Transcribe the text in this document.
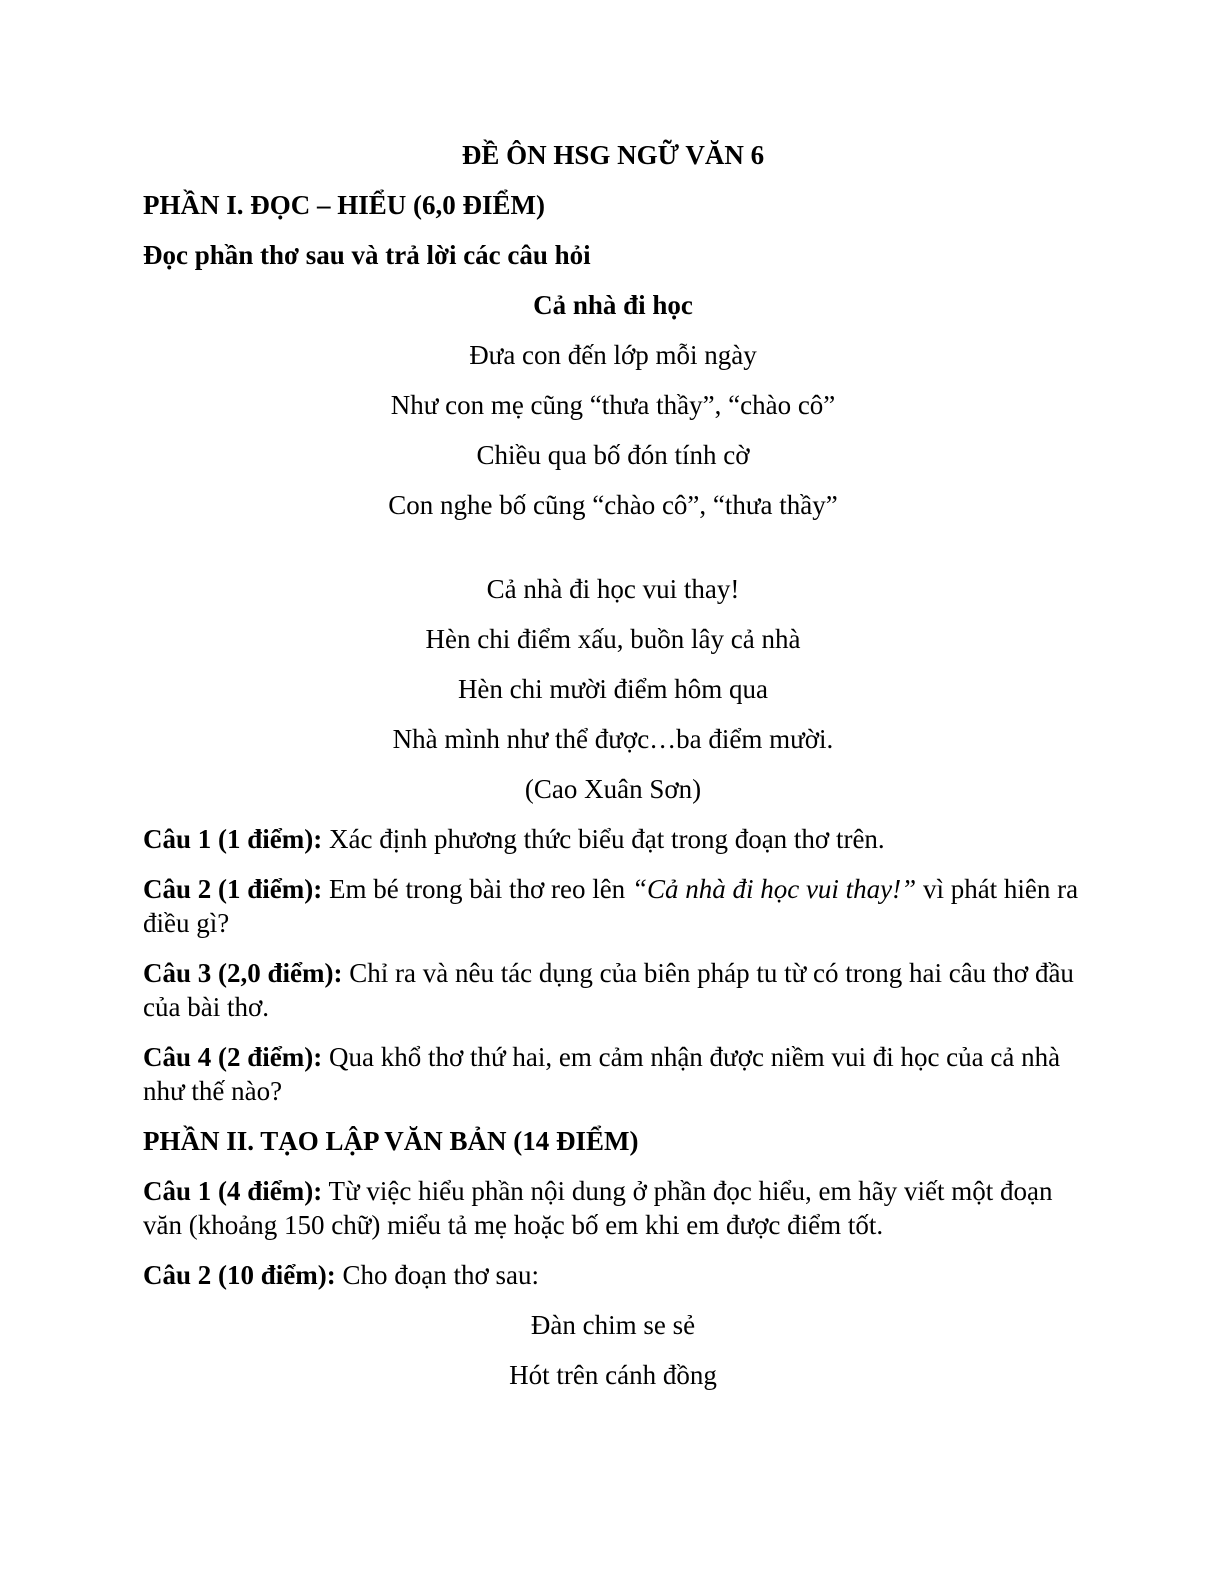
ĐỀ ÔN HSG NGỮ VĂN 6
PHẦN I. ĐỌC – HIỂU (6,0 ĐIỂM)
Đọc phần thơ sau và trả lời các câu hỏi
Cả nhà đi học
Đưa con đến lớp mỗi ngày
Như con mẹ cũng “thưa thầy”, “chào cô”
Chiều qua bố đón tính cờ
Con nghe bố cũng “chào cô”, “thưa thầy”
Cả nhà đi học vui thay!
Hèn chi điểm xấu, buồn lây cả nhà
Hèn chi mười điểm hôm qua
Nhà mình như thể được…ba điểm mười.
(Cao Xuân Sơn)
Câu 1 (1 điểm): Xác định phương thức biểu đạt trong đoạn thơ trên.
Câu 2 (1 điểm): Em bé trong bài thơ reo lên “Cả nhà đi học vui thay!” vì phát hiên ra điều gì?
Câu 3 (2,0 điểm): Chỉ ra và nêu tác dụng của biên pháp tu từ có trong hai câu thơ đầu của bài thơ.
Câu 4 (2 điểm): Qua khổ thơ thứ hai, em cảm nhận được niềm vui đi học của cả nhà như thế nào?
PHẦN II. TẠO LẬP VĂN BẢN (14 ĐIỂM)
Câu 1 (4 điểm): Từ việc hiểu phần nội dung ở phần đọc hiểu, em hãy viết một đoạn văn (khoảng 150 chữ) miểu tả mẹ hoặc bố em khi em được điểm tốt.
Câu 2 (10 điểm): Cho đoạn thơ sau:
Đàn chim se sẻ
Hót trên cánh đồng
